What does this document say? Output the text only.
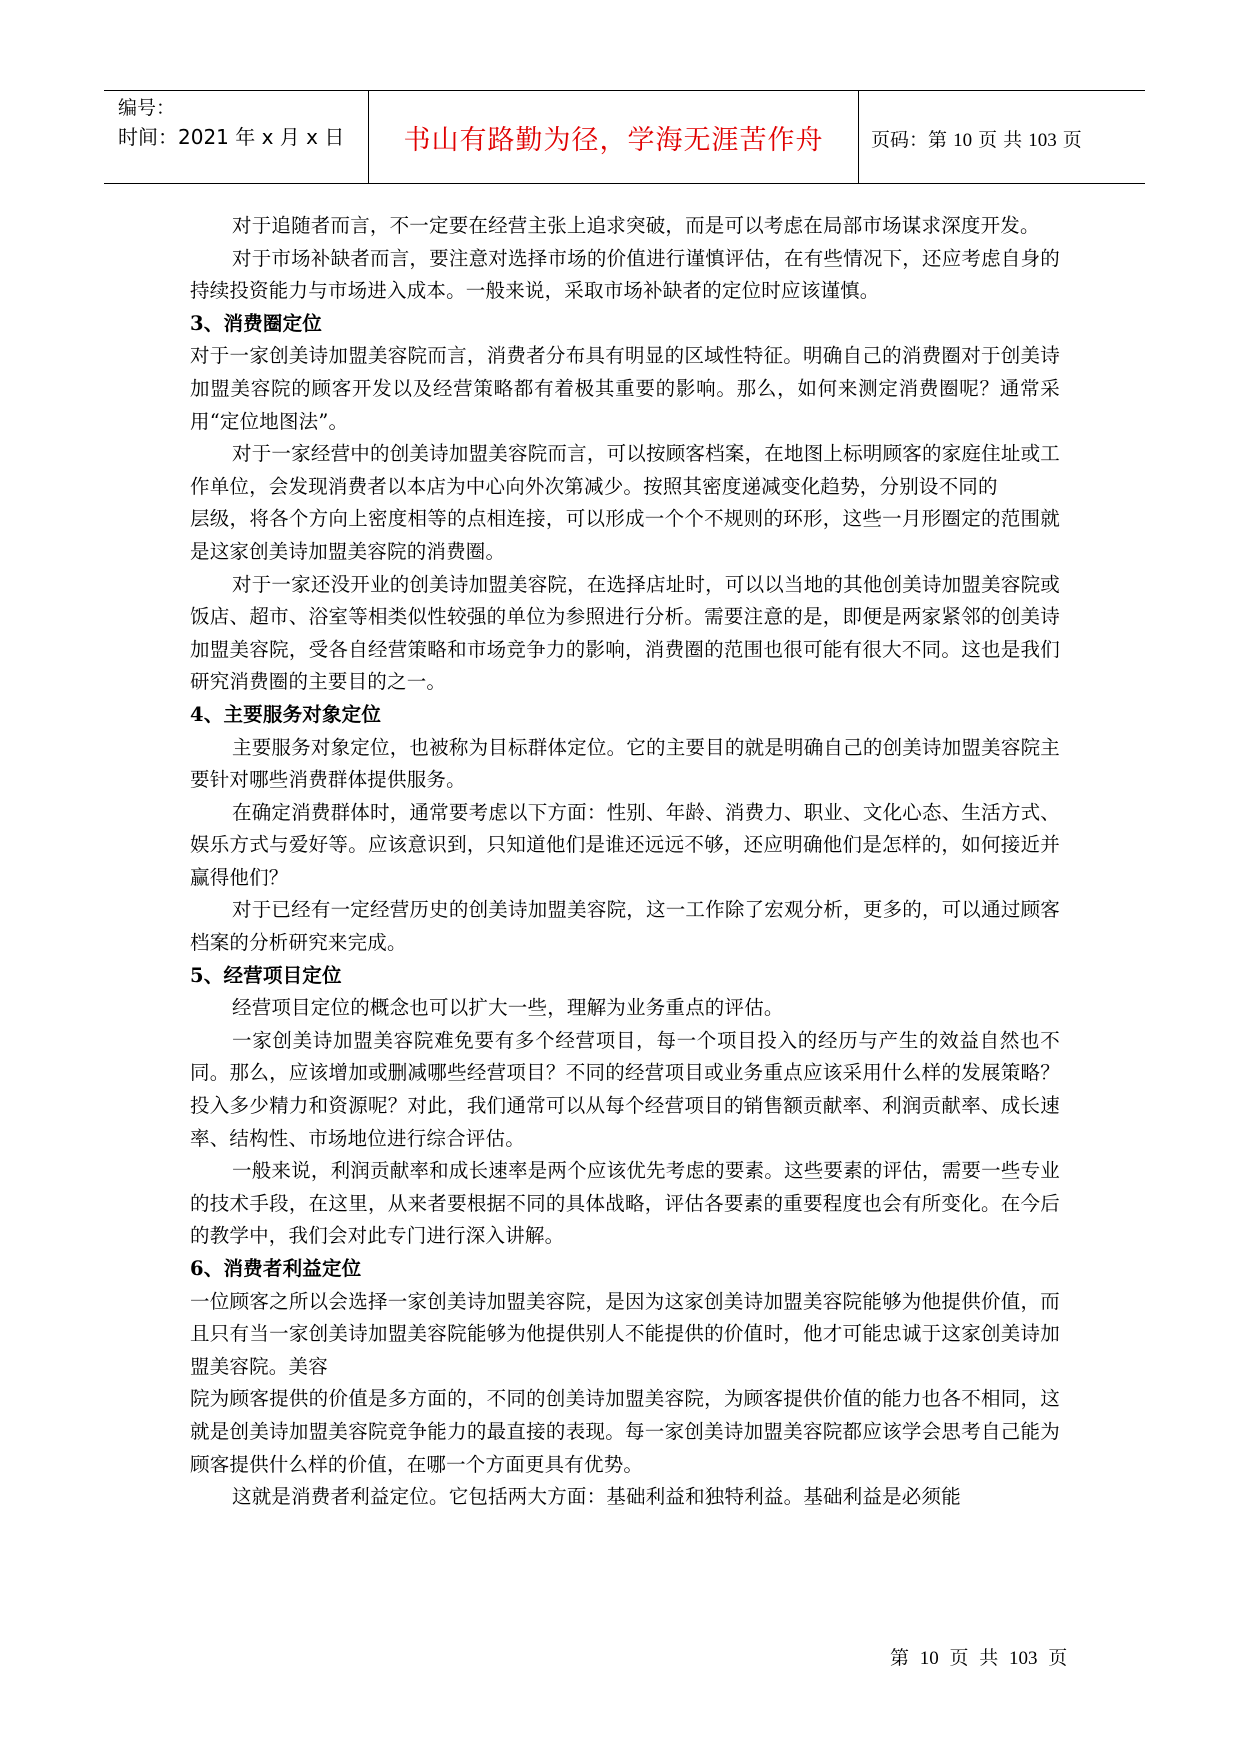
编号：
时间：2021 年 x 月 x 日	书山有路勤为径，学海无涯苦作舟	页码：第 10 页 共 103 页

对于追随者而言，不一定要在经营主张上追求突破，而是可以考虑在局部市场谋求深度开发。

对于市场补缺者而言，要注意对选择市场的价值进行谨慎评估，在有些情况下，还应考虑自身的持续投资能力与市场进入成本。一般来说，采取市场补缺者的定位时应该谨慎。

3、消费圈定位

对于一家创美诗加盟美容院而言，消费者分布具有明显的区域性特征。明确自己的消费圈对于创美诗加盟美容院的顾客开发以及经营策略都有着极其重要的影响。那么，如何来测定消费圈呢？通常采用“定位地图法”。

对于一家经营中的创美诗加盟美容院而言，可以按顾客档案，在地图上标明顾客的家庭住址或工作单位，会发现消费者以本店为中心向外次第减少。按照其密度递减变化趋势，分别设不同的

层级，将各个方向上密度相等的点相连接，可以形成一个个不规则的环形，这些一月形圈定的范围就是这家创美诗加盟美容院的消费圈。

对于一家还没开业的创美诗加盟美容院，在选择店址时，可以以当地的其他创美诗加盟美容院或饭店、超市、浴室等相类似性较强的单位为参照进行分析。需要注意的是，即便是两家紧邻的创美诗加盟美容院，受各自经营策略和市场竞争力的影响，消费圈的范围也很可能有很大不同。这也是我们研究消费圈的主要目的之一。

4、主要服务对象定位

主要服务对象定位，也被称为目标群体定位。它的主要目的就是明确自己的创美诗加盟美容院主要针对哪些消费群体提供服务。

在确定消费群体时，通常要考虑以下方面：性别、年龄、消费力、职业、文化心态、生活方式、娱乐方式与爱好等。应该意识到，只知道他们是谁还远远不够，还应明确他们是怎样的，如何接近并赢得他们？

对于已经有一定经营历史的创美诗加盟美容院，这一工作除了宏观分析，更多的，可以通过顾客档案的分析研究来完成。

5、经营项目定位

经营项目定位的概念也可以扩大一些，理解为业务重点的评估。

一家创美诗加盟美容院难免要有多个经营项目，每一个项目投入的经历与产生的效益自然也不同。那么，应该增加或删减哪些经营项目？不同的经营项目或业务重点应该采用什么样的发展策略？投入多少精力和资源呢？对此，我们通常可以从每个经营项目的销售额贡献率、利润贡献率、成长速率、结构性、市场地位进行综合评估。

一般来说，利润贡献率和成长速率是两个应该优先考虑的要素。这些要素的评估，需要一些专业的技术手段，在这里，从来者要根据不同的具体战略，评估各要素的重要程度也会有所变化。在今后的教学中，我们会对此专门进行深入讲解。

6、消费者利益定位

一位顾客之所以会选择一家创美诗加盟美容院，是因为这家创美诗加盟美容院能够为他提供价值，而且只有当一家创美诗加盟美容院能够为他提供别人不能提供的价值时，他才可能忠诚于这家创美诗加盟美容院。美容

院为顾客提供的价值是多方面的，不同的创美诗加盟美容院，为顾客提供价值的能力也各不相同，这就是创美诗加盟美容院竞争能力的最直接的表现。每一家创美诗加盟美容院都应该学会思考自己能为顾客提供什么样的价值，在哪一个方面更具有优势。

这就是消费者利益定位。它包括两大方面：基础利益和独特利益。基础利益是必须能

第 10 页 共 103 页
